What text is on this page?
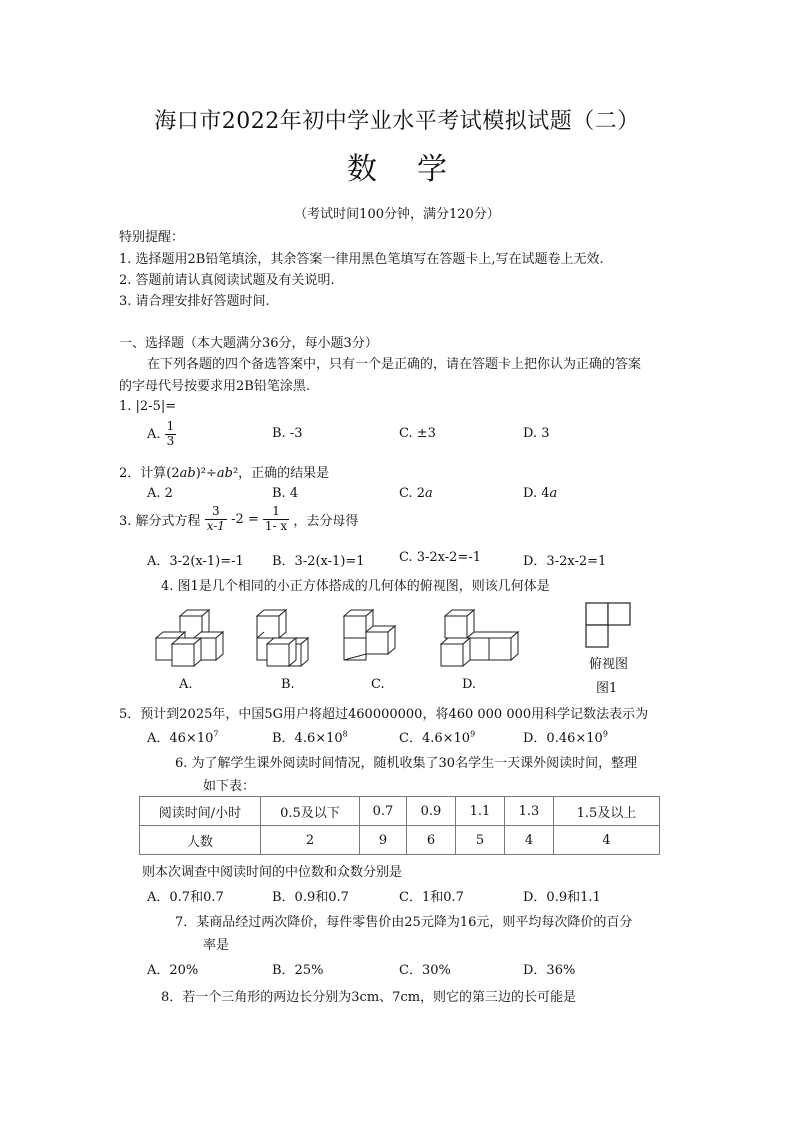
海口市2022年初中学业水平考试模拟试题（二）
数学
（考试时间100分钟，满分120分）
特别提醒：
1. 选择题用2B铅笔填涂，其余答案一律用黑色笔填写在答题卡上,写在试题卷上无效.
2. 答题前请认真阅读试题及有关说明.
3. 请合理安排好答题时间.
一、选择题（本大题满分36分，每小题3分）
在下列各题的四个备选答案中，只有一个是正确的，请在答题卡上把你认为正确的答案
的字母代号按要求用2B铅笔涂黑.
1. |2-5|=
A. $\frac{1}{3}$	B. -3	C. ±3	D. 3
2．计算(2ab)²÷ab²，正确的结果是
A. 2	B. 4	C. 2a	D. 4a
3. 解分式方程 $\frac{3}{x-1} -2 = \frac{1}{1- x}$ ，去分母得
A．3-2(x-1)=-1 B．3-2(x-1)=1	C. 3-2x-2=-1	D．3-2x-2=1
4. 图1是几个相同的小正方体搭成的几何体的俯视图，则该几何体是
A.	B.	C.	D.
俯视图
图1
5．预计到2025年，中国5G用户将超过460000000，将460 000 000用科学记数法表示为
A．$46\times 10^7$	B．$4.6\times 10^8$	C．$4.6\times 10^9$	D．$0.46\times 10^9$
6. 为了解学生课外阅读时间情况，随机收集了30名学生一天课外阅读时间，整理
如下表：
阅读时间/小时	0.5及以下	0.7	0.9	1.1	1.3	1.5及以上
人数	2	9	6	5	4	4
则本次调查中阅读时间的中位数和众数分别是
A．0.7和0.7	B．0.9和0.7	C．1和0.7	D．0.9和1.1
7．某商品经过两次降价，每件零售价由25元降为16元，则平均每次降价的百分
率是
A．20%	B．25%	C．30%	D．36%
8．若一个三角形的两边长分别为3cm、7cm，则它的第三边的长可能是
